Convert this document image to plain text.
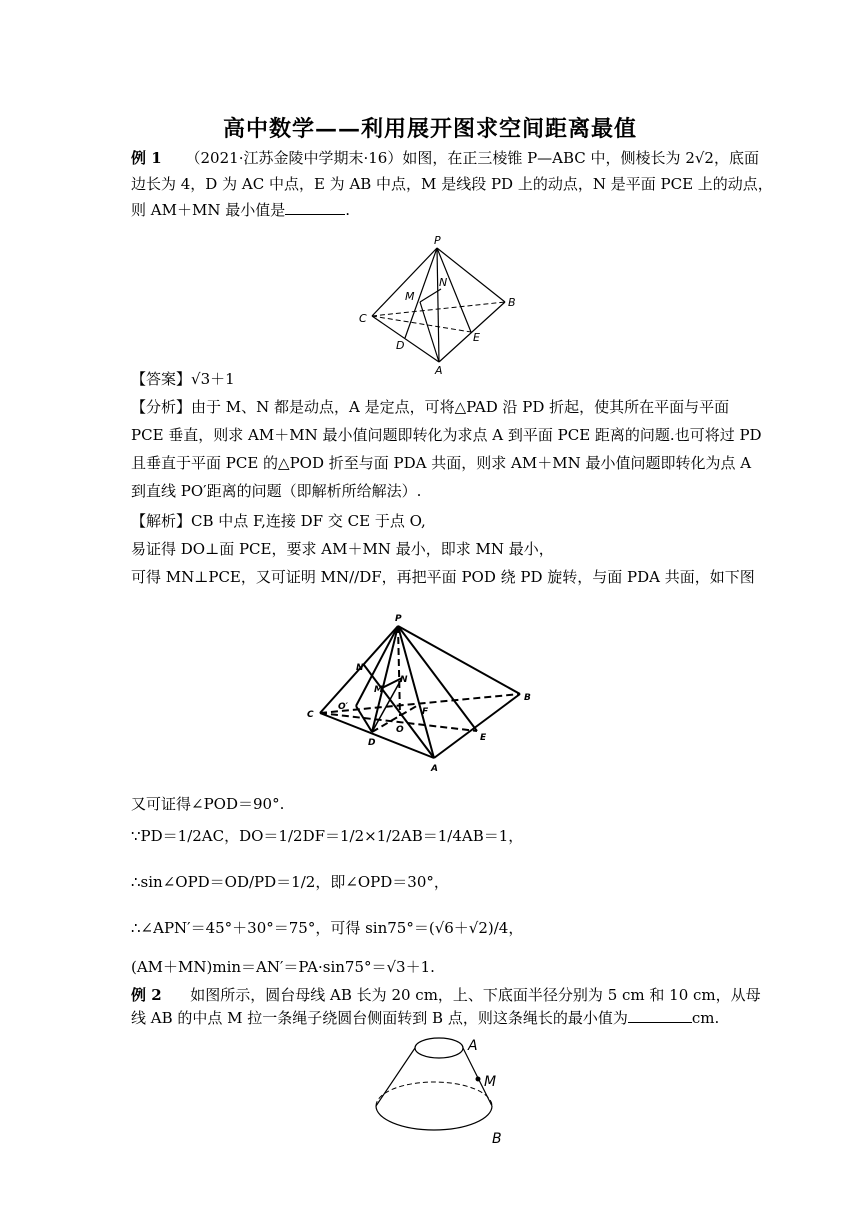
高中数学——利用展开图求空间距离最值
例 1 （2021·江苏金陵中学期末·16）如图，在正三棱锥 P—ABC 中，侧棱长为 2√2，底面
边长为 4，D 为 AC 中点，E 为 AB 中点，M 是线段 PD 上的动点，N 是平面 PCE 上的动点，
则 AM＋MN 最小值是	.
P
B
C
D
E
A
M
N
【答案】√3＋1
【分析】由于 M、N 都是动点，A 是定点，可将△PAD 沿 PD 折起，使其所在平面与平面
PCE 垂直，则求 AM＋MN 最小值问题即转化为求点 A 到平面 PCE 距离的问题.也可将过 PD
且垂直于平面 PCE 的△POD 折至与面 PDA 共面，则求 AM＋MN 最小值问题即转化为点 A
到直线 PO′距离的问题（即解析所给解法）.
【解析】CB 中点 F,连接 DF 交 CE 于点 O,
易证得 DO⊥面 PCE，要求 AM＋MN 最小，即求 MN 最小，
可得 MN⊥PCE，又可证明 MN//DF，再把平面 POD 绕 PD 旋转，与面 PDA 共面，如下图
P
B
C
D	E
A
M
N
N′
O
O′	F
又可证得∠POD＝90°.
∵PD＝1/2AC，DO＝1/2DF＝1/2×1/2AB＝1/4AB＝1，
∴sin∠OPD＝OD/PD＝1/2，即∠OPD＝30°，
∴∠APN′＝45°＋30°＝75°，可得 sin75°＝(√6＋√2)/4，
(AM＋MN)min＝AN′＝PA·sin75°＝√3＋1.
例 2 如图所示，圆台母线 AB 长为 20 cm，上、下底面半径分别为 5 cm 和 10 cm，从母
线 AB 的中点 M 拉一条绳子绕圆台侧面转到 B 点，则这条绳长的最小值为	cm.
A
M
B
